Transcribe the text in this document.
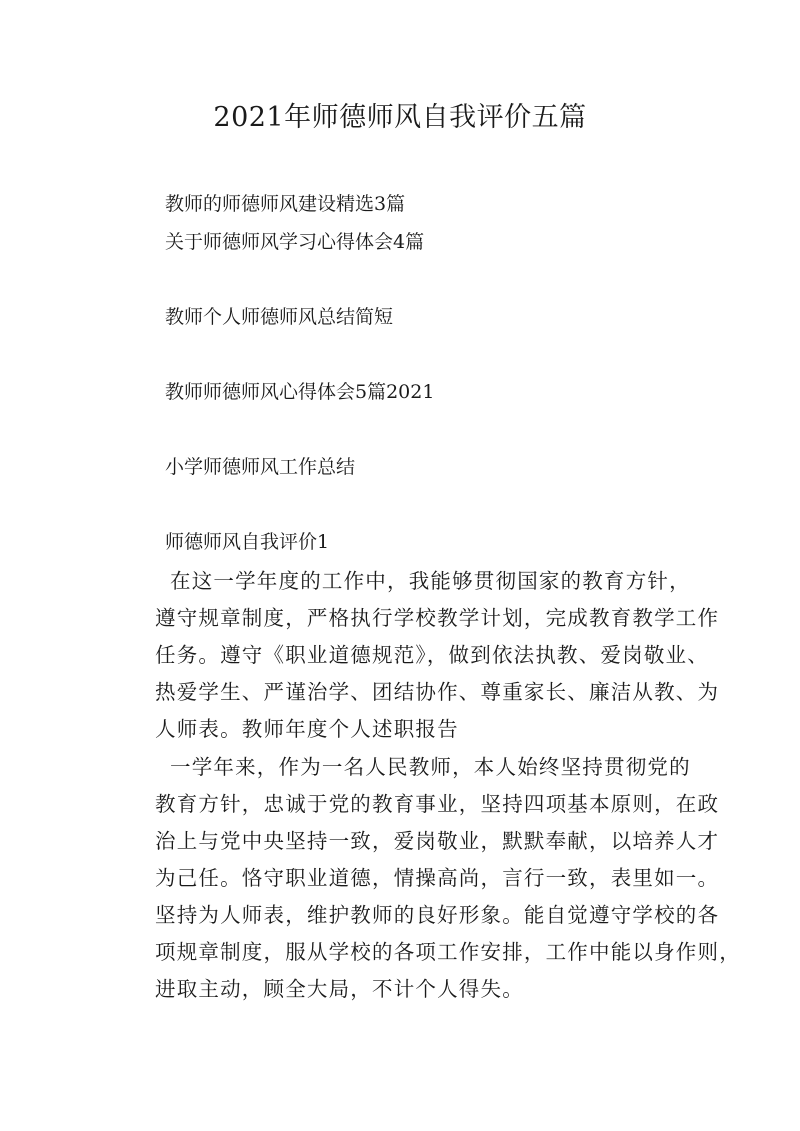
2021年师德师风自我评价五篇
教师的师德师风建设精选3篇
关于师德师风学习心得体会4篇
教师个人师德师风总结简短
教师师德师风心得体会5篇2021
小学师德师风工作总结
师德师风自我评价1
在这一学年度的工作中，我能够贯彻国家的教育方针，
遵守规章制度，严格执行学校教学计划，完成教育教学工作
任务。遵守《职业道德规范》，做到依法执教、爱岗敬业、
热爱学生、严谨治学、团结协作、尊重家长、廉洁从教、为
人师表。教师年度个人述职报告
一学年来，作为一名人民教师，本人始终坚持贯彻党的
教育方针，忠诚于党的教育事业，坚持四项基本原则，在政
治上与党中央坚持一致，爱岗敬业，默默奉献，以培养人才
为己任。恪守职业道德，情操高尚，言行一致，表里如一。
坚持为人师表，维护教师的良好形象。能自觉遵守学校的各
项规章制度，服从学校的各项工作安排，工作中能以身作则，
进取主动，顾全大局，不计个人得失。
